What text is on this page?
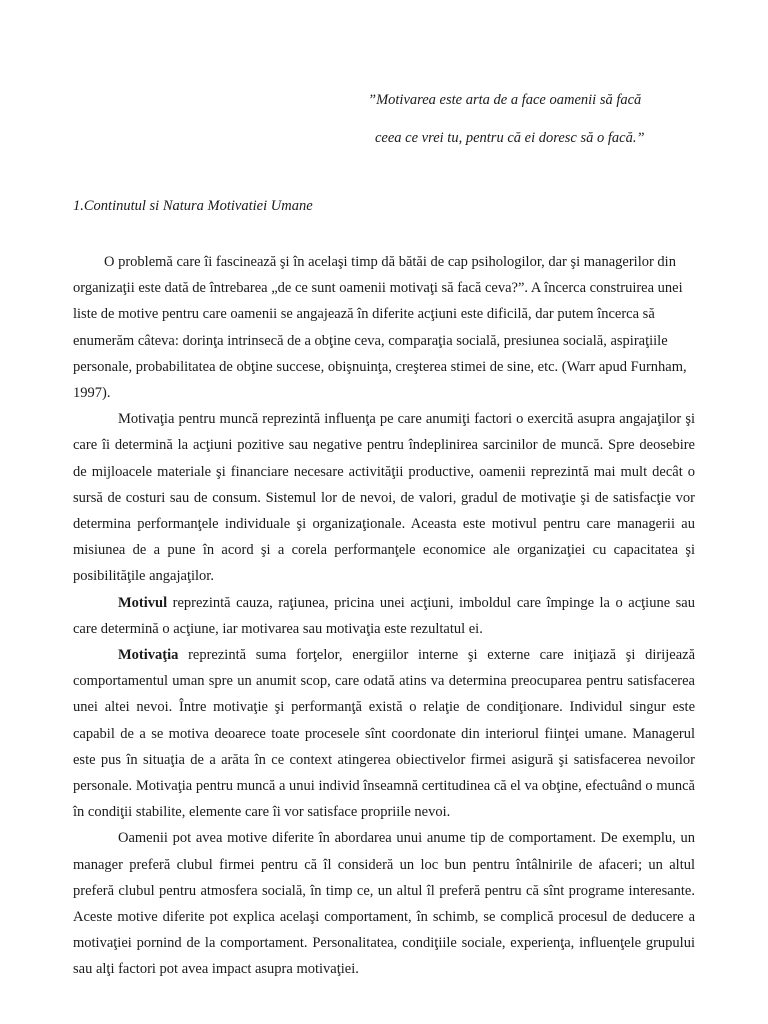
”Motivarea este arta de a face oamenii să facă
ceea ce vrei tu, pentru că ei doresc să o facă.”
1.Continutul si Natura Motivatiei Umane

O problemă care îi fascinează şi în acelaşi timp dă bătăi de cap psihologilor, dar şi managerilor din organizaţii este dată de întrebarea „de ce sunt oamenii motivaţi să facă ceva?”. A încerca construirea unei liste de motive pentru care oamenii se angajează în diferite acţiuni este dificilă, dar putem încerca să enumerăm câteva: dorinţa intrinsecă de a obţine ceva, comparaţia socială, presiunea socială, aspiraţiile personale, probabilitatea de obţine succese, obişnuinţa, creşterea stimei de sine, etc. (Warr apud Furnham, 1997).

Motivaţia pentru muncă reprezintă influenţa pe care anumiţi factori o exercită asupra angajaţilor şi care îi determină la acţiuni pozitive sau negative pentru îndeplinirea sarcinilor de muncă. Spre deosebire de mijloacele materiale şi financiare necesare activităţii productive, oamenii reprezintă mai mult decât o sursă de costuri sau de consum. Sistemul lor de nevoi, de valori, gradul de motivaţie şi de satisfacţie vor determina performanţele individuale şi organizaţionale. Aceasta este motivul pentru care managerii au misiunea de a pune în acord şi a corela performanţele economice ale organizaţiei cu capacitatea şi posibilităţile angajaţilor.

Motivul reprezintă cauza, raţiunea, pricina unei acţiuni, imboldul care împinge la o acţiune sau care determină o acţiune, iar motivarea sau motivaţia este rezultatul ei.

Motivaţia reprezintă suma forţelor, energiilor interne şi externe care iniţiază şi dirijează comportamentul uman spre un anumit scop, care odată atins va determina preocuparea pentru satisfacerea unei altei nevoi. Între motivaţie şi performanţă există o relaţie de condiţionare. Individul singur este capabil de a se motiva deoarece toate procesele sînt coordonate din interiorul fiinţei umane. Managerul este pus în situaţia de a arăta în ce context atingerea obiectivelor firmei asigură şi satisfacerea nevoilor personale. Motivaţia pentru muncă a unui individ înseamnă certitudinea că el va obţine, efectuând o muncă în condiţii stabilite, elemente care îi vor satisface propriile nevoi.

Oamenii pot avea motive diferite în abordarea unui anume tip de comportament. De exemplu, un manager preferă clubul firmei pentru că îl consideră un loc bun pentru întâlnirile de afaceri; un altul preferă clubul pentru atmosfera socială, în timp ce, un altul îl preferă pentru că sînt programe interesante. Aceste motive diferite pot explica acelaşi comportament, în schimb, se complică procesul de deducere a motivaţiei pornind de la comportament. Personalitatea, condiţiile sociale, experienţa, influenţele grupului sau alţi factori pot avea impact asupra motivaţiei.
